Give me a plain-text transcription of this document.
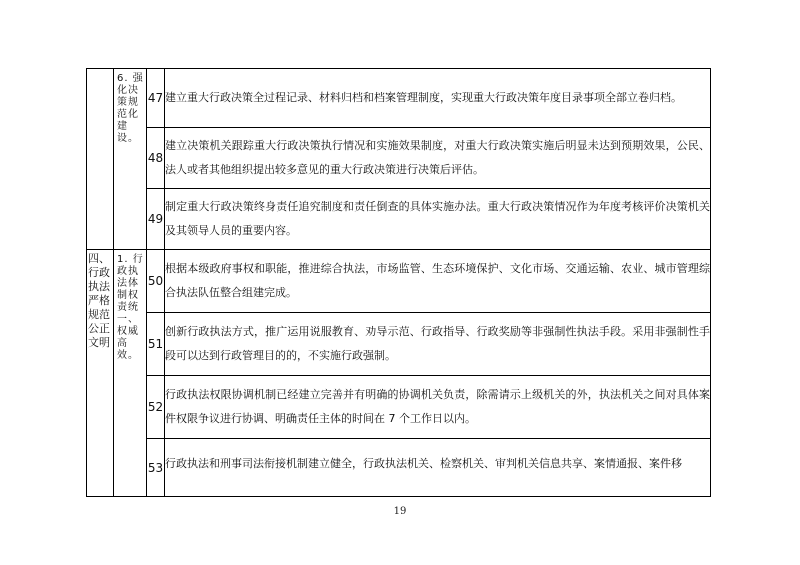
	6. 强化决策规范化建设。	47	建立重大行政决策全过程记录、材料归档和档案管理制度，实现重大行政决策年度目录事项全部立卷归档。
		48	建立决策机关跟踪重大行政决策执行情况和实施效果制度，对重大行政决策实施后明显未达到预期效果，公民、法人或者其他组织提出较多意见的重大行政决策进行决策后评估。
		49	制定重大行政决策终身责任追究制度和责任倒查的具体实施办法。重大行政决策情况作为年度考核评价决策机关及其领导人员的重要内容。

四、行政执法严格规范公正文明	1. 行政执法体制权责统一、权威高效。	50	根据本级政府事权和职能，推进综合执法，市场监管、生态环境保护、文化市场、交通运输、农业、城市管理综合执法队伍整合组建完成。
		51	创新行政执法方式，推广运用说服教育、劝导示范、行政指导、行政奖励等非强制性执法手段。采用非强制性手段可以达到行政管理目的的，不实施行政强制。
		52	行政执法权限协调机制已经建立完善并有明确的协调机关负责，除需请示上级机关的外，执法机关之间对具体案件权限争议进行协调、明确责任主体的时间在 7 个工作日以内。
		53	行政执法和刑事司法衔接机制建立健全，行政执法机关、检察机关、审判机关信息共享、案情通报、案件移
19
